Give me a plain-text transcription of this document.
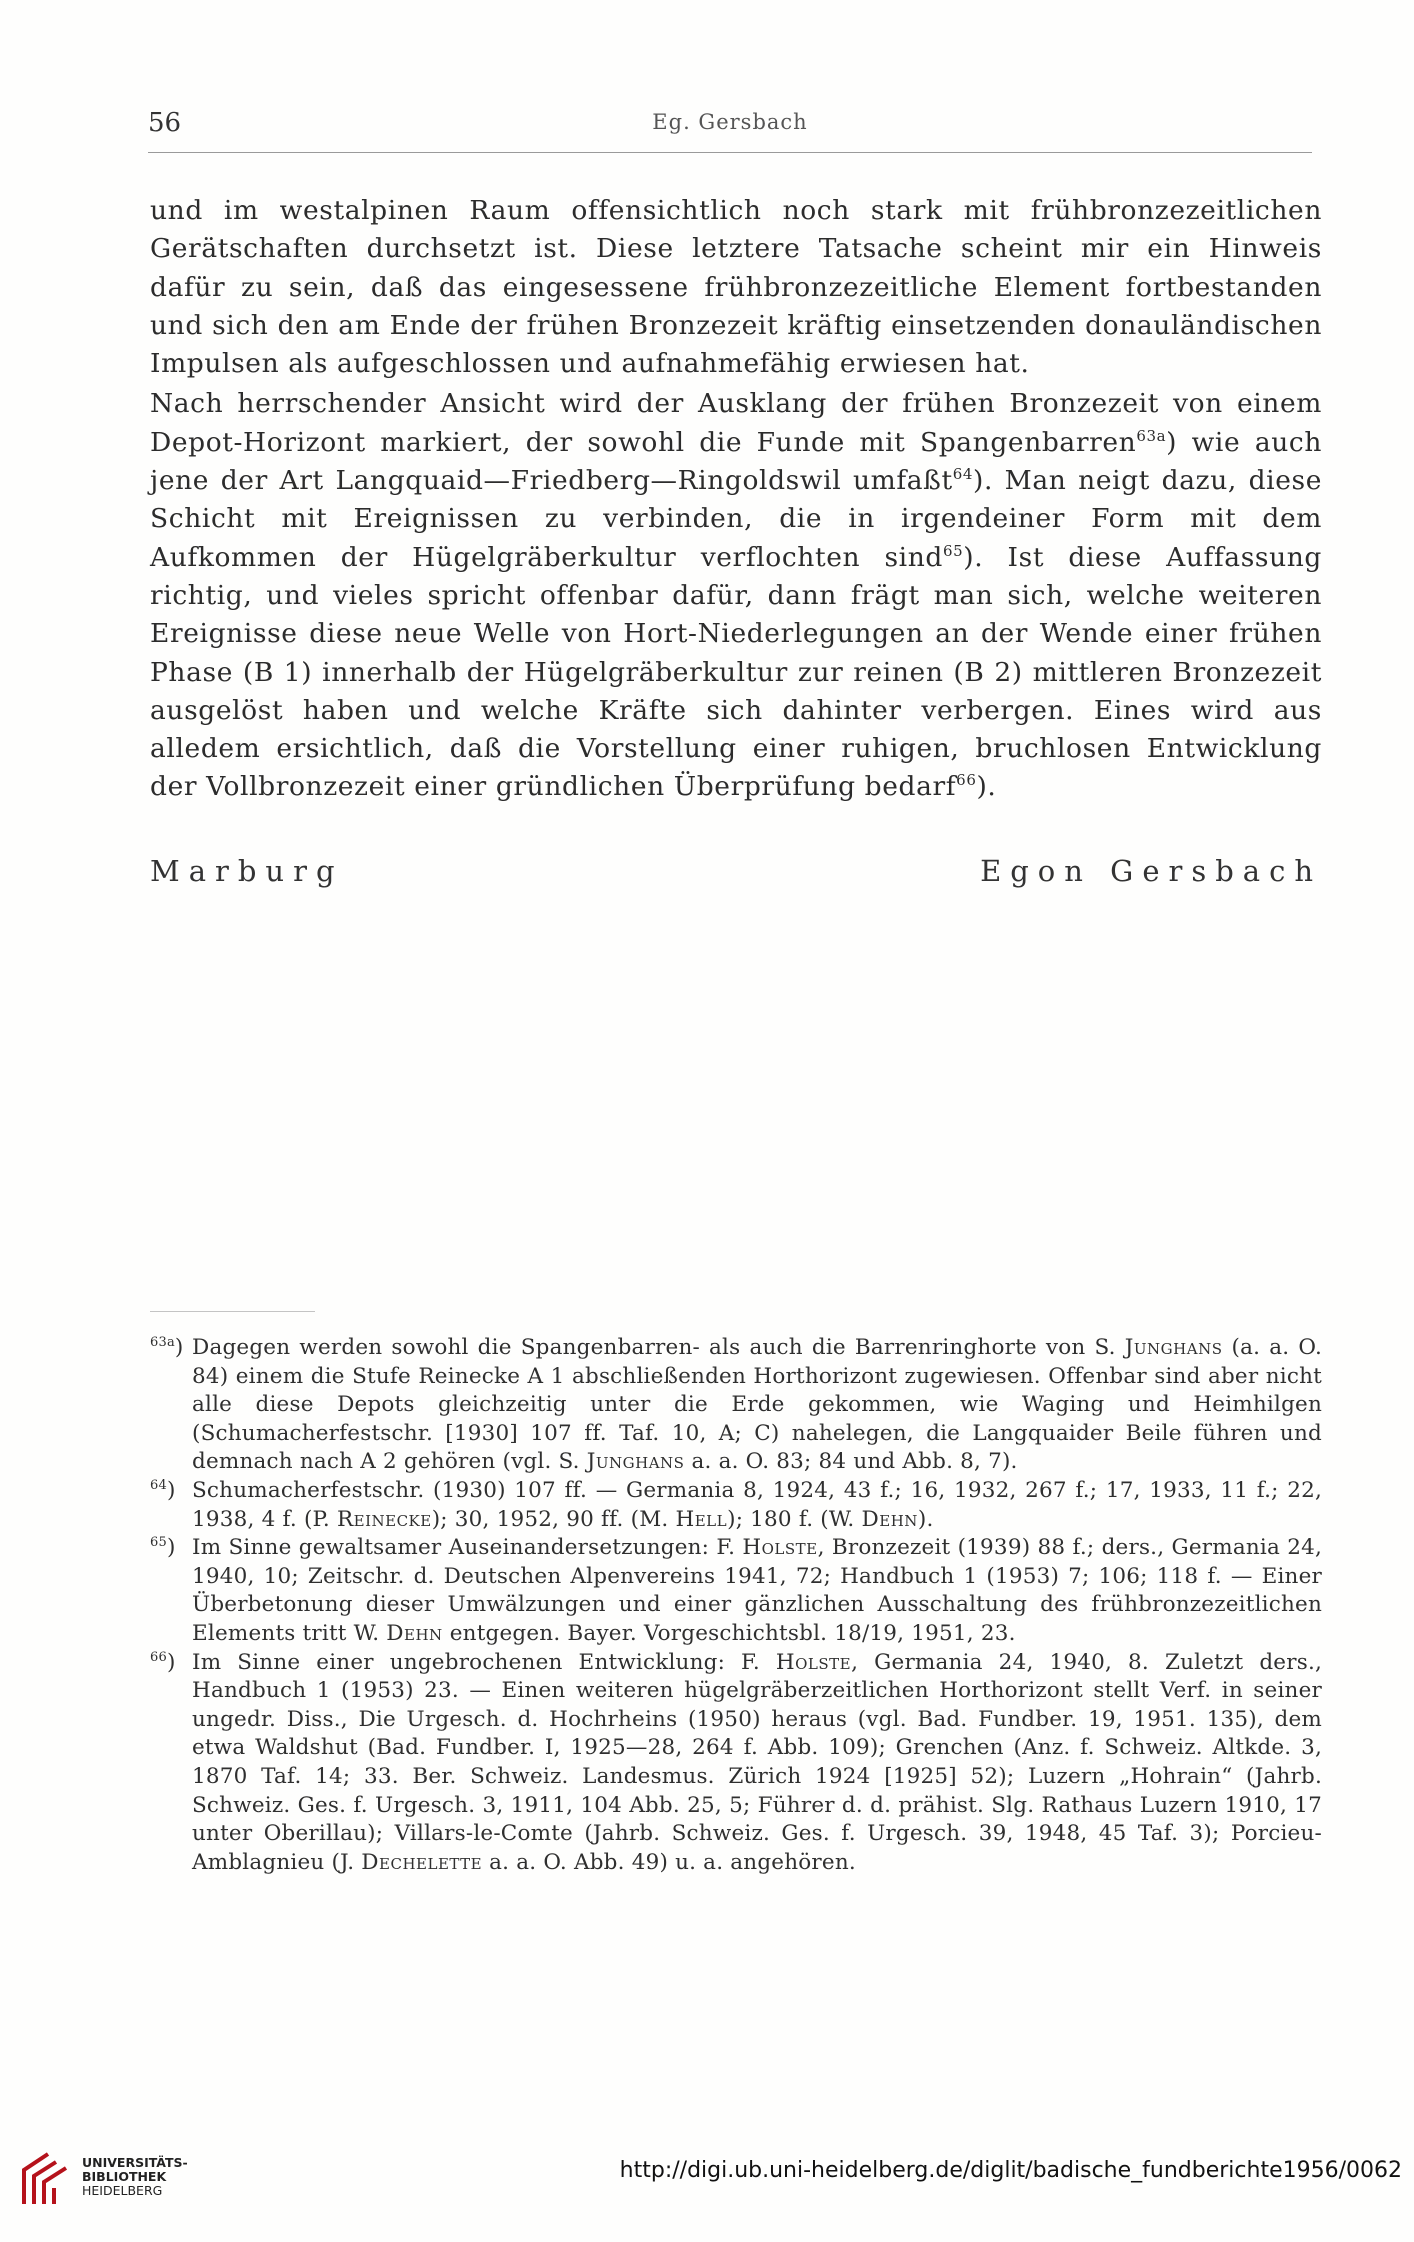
56	Eg. Gersbach

und im westalpinen Raum offensichtlich noch stark mit frühbronzezeitlichen Gerätschaften durchsetzt ist. Diese letztere Tatsache scheint mir ein Hinweis dafür zu sein, daß das eingesessene frühbronzezeitliche Element fortbestanden und sich den am Ende der frühen Bronzezeit kräftig einsetzenden donauländischen Impulsen als aufgeschlossen und aufnahmefähig erwiesen hat.

Nach herrschender Ansicht wird der Ausklang der frühen Bronzezeit von einem Depot-Horizont markiert, der sowohl die Funde mit Spangenbarren$^{63a}$) wie auch jene der Art Langquaid—Friedberg—Ringoldswil umfaßt$^{64}$). Man neigt dazu, diese Schicht mit Ereignissen zu verbinden, die in irgendeiner Form mit dem Aufkommen der Hügelgräberkultur verflochten sind$^{65}$). Ist diese Auffassung richtig, und vieles spricht offenbar dafür, dann frägt man sich, welche weiteren Ereignisse diese neue Welle von Hort-Niederlegungen an der Wende einer frühen Phase (B 1) innerhalb der Hügelgräberkultur zur reinen (B 2) mittleren Bronzezeit ausgelöst haben und welche Kräfte sich dahinter verbergen. Eines wird aus alledem ersichtlich, daß die Vorstellung einer ruhigen, bruchlosen Entwicklung der Vollbronzezeit einer gründlichen Überprüfung bedarf$^{66}$).

Marburg	Egon Gersbach

$^{63a}$) Dagegen werden sowohl die Spangenbarren- als auch die Barrenringhorte von S. Junghans (a. a. O. 84) einem die Stufe Reinecke A 1 abschließenden Horthorizont zugewiesen. Offenbar sind aber nicht alle diese Depots gleichzeitig unter die Erde gekommen, wie Waging und Heimhilgen (Schumacherfestschr. [1930] 107 ff. Taf. 10, A; C) nahelegen, die Langquaider Beile führen und demnach nach A 2 gehören (vgl. S. Junghans a. a. O. 83; 84 und Abb. 8, 7).

$^{64}$) Schumacherfestschr. (1930) 107 ff. — Germania 8, 1924, 43 f.; 16, 1932, 267 f.; 17, 1933, 11 f.; 22, 1938, 4 f. (P. Reinecke); 30, 1952, 90 ff. (M. Hell); 180 f. (W. Dehn).

$^{65}$) Im Sinne gewaltsamer Auseinandersetzungen: F. Holste, Bronzezeit (1939) 88 f.; ders., Germania 24, 1940, 10; Zeitschr. d. Deutschen Alpenvereins 1941, 72; Handbuch 1 (1953) 7; 106; 118 f. — Einer Überbetonung dieser Umwälzungen und einer gänzlichen Ausschaltung des frühbronzezeitlichen Elements tritt W. Dehn entgegen. Bayer. Vorgeschichtsbl. 18/19, 1951, 23.

$^{66}$) Im Sinne einer ungebrochenen Entwicklung: F. Holste, Germania 24, 1940, 8. Zuletzt ders., Handbuch 1 (1953) 23. — Einen weiteren hügelgräberzeitlichen Horthorizont stellt Verf. in seiner ungedr. Diss., Die Urgesch. d. Hochrheins (1950) heraus (vgl. Bad. Fundber. 19, 1951. 135), dem etwa Waldshut (Bad. Fundber. I, 1925—28, 264 f. Abb. 109); Grenchen (Anz. f. Schweiz. Altkde. 3, 1870 Taf. 14; 33. Ber. Schweiz. Landesmus. Zürich 1924 [1925] 52); Luzern „Hohrain“ (Jahrb. Schweiz. Ges. f. Urgesch. 3, 1911, 104 Abb. 25, 5; Führer d. d. prähist. Slg. Rathaus Luzern 1910, 17 unter Oberillau); Villars-le-Comte (Jahrb. Schweiz. Ges. f. Urgesch. 39, 1948, 45 Taf. 3); Porcieu-Amblagnieu (J. Dechelette a. a. O. Abb. 49) u. a. angehören.

UNIVERSITÄTS-
BIBLIOTHEK
HEIDELBERG
http://digi.ub.uni-heidelberg.de/diglit/badische_fundberichte1956/0062
